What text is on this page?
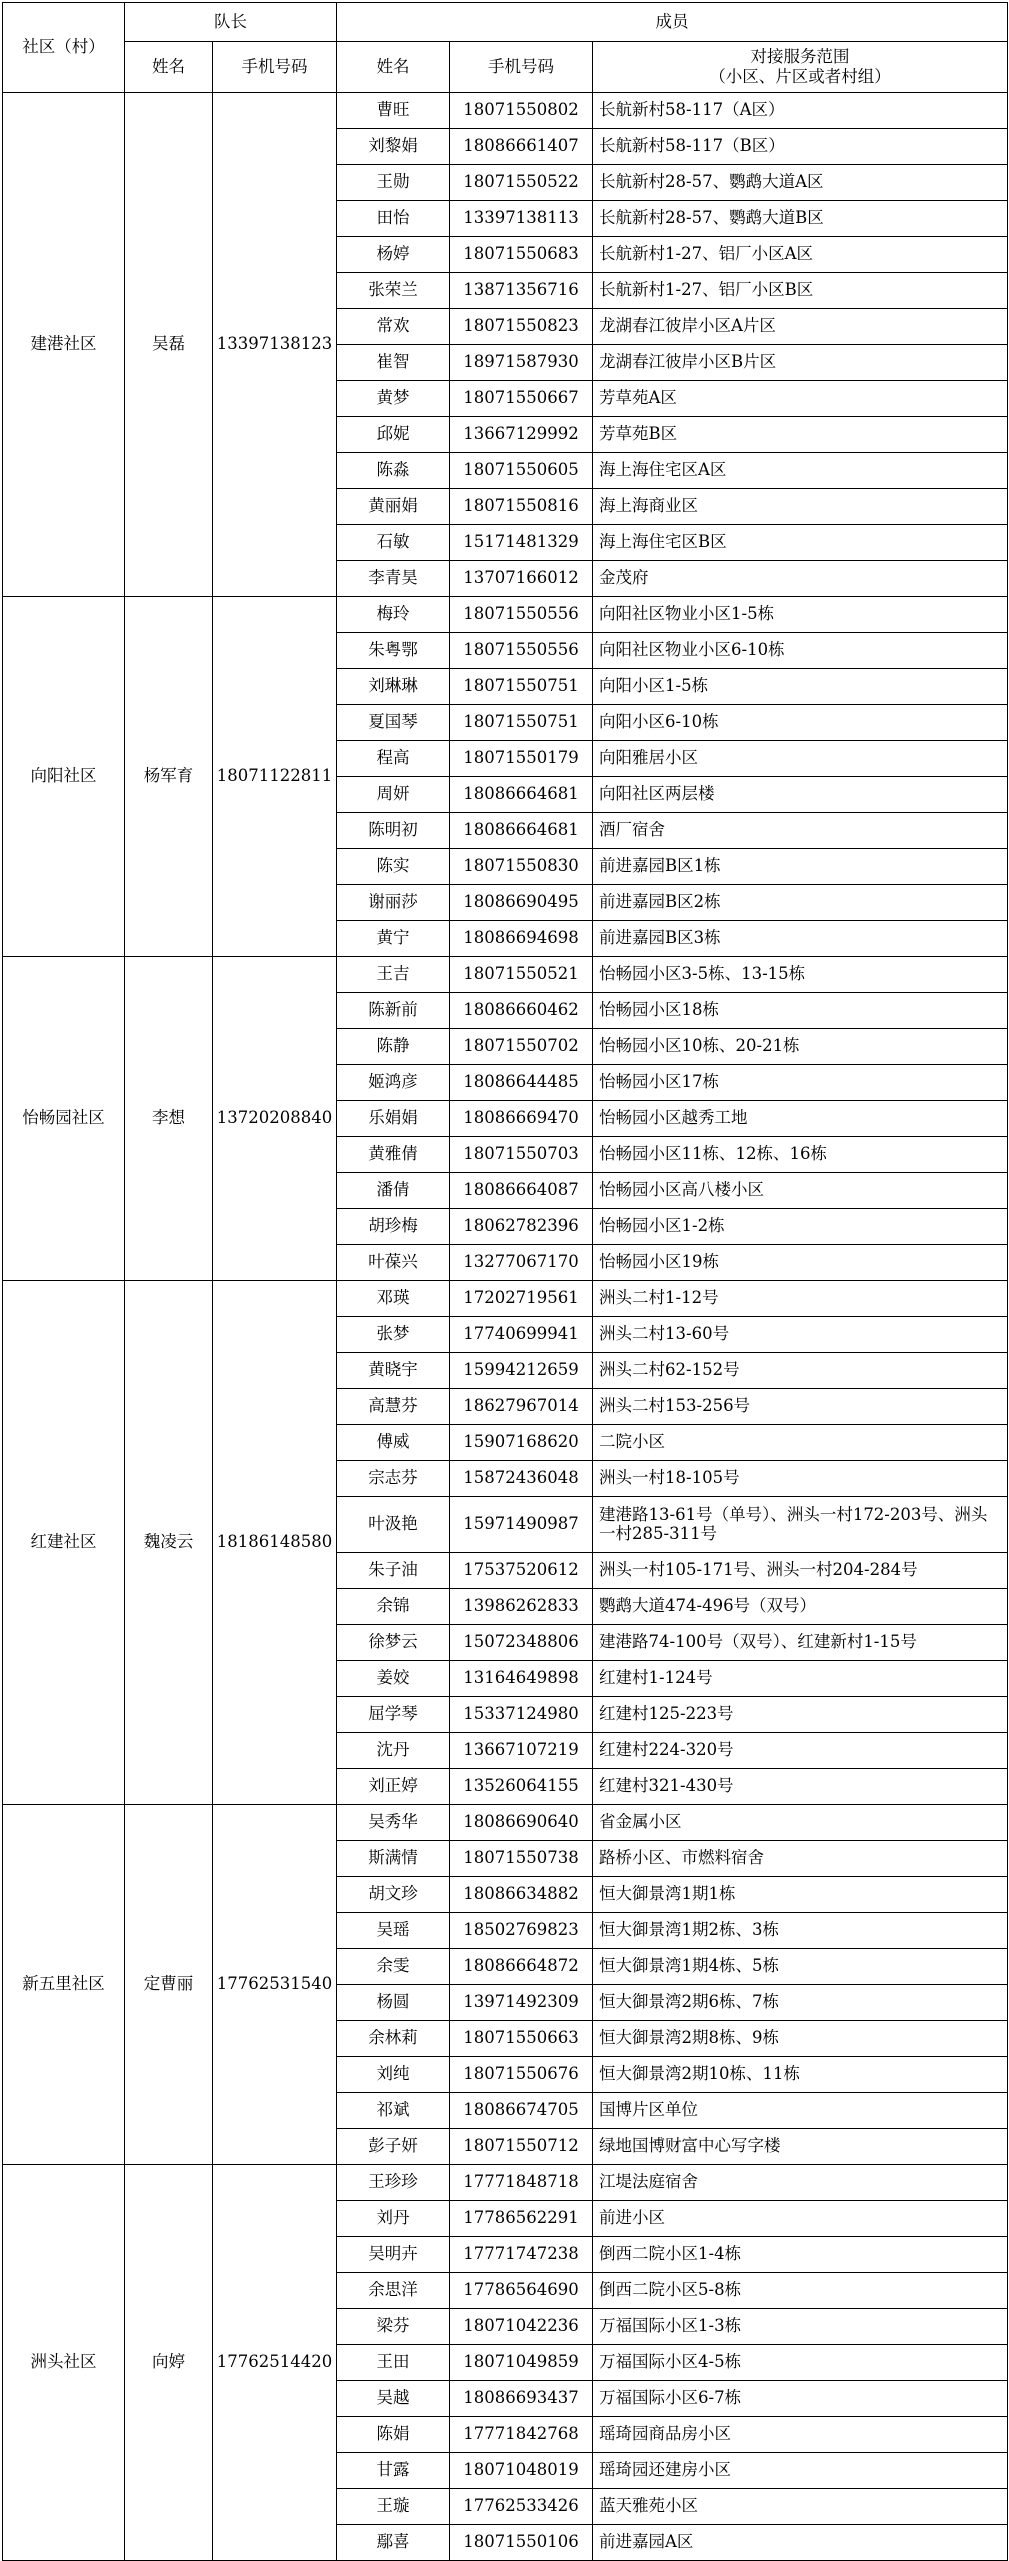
社区（村）	队长		成员		
	姓名	手机号码	姓名	手机号码	对接服务范围
（小区、片区或者村组）

建港社区	吴磊	13397138123	曹旺	18071550802	长航新村58-117（A区）
			刘黎娟	18086661407	长航新村58-117（B区）
			王勋	18071550522	长航新村28-57、鹦鹉大道A区
			田怡	13397138113	长航新村28-57、鹦鹉大道B区
			杨婷	18071550683	长航新村1-27、铝厂小区A区
			张荣兰	13871356716	长航新村1-27、铝厂小区B区
			常欢	18071550823	龙湖春江彼岸小区A片区
			崔智	18971587930	龙湖春江彼岸小区B片区
			黄梦	18071550667	芳草苑A区
			邱妮	13667129992	芳草苑B区
			陈淼	18071550605	海上海住宅区A区
			黄丽娟	18071550816	海上海商业区
			石敏	15171481329	海上海住宅区B区
			李青昊	13707166012	金茂府
向阳社区	杨军育	18071122811	梅玲	18071550556	向阳社区物业小区1-5栋
			朱粤鄂	18071550556	向阳社区物业小区6-10栋
			刘琳琳	18071550751	向阳小区1-5栋
			夏国琴	18071550751	向阳小区6-10栋
			程高	18071550179	向阳雅居小区
			周妍	18086664681	向阳社区两层楼
			陈明初	18086664681	酒厂宿舍
			陈实	18071550830	前进嘉园B区1栋
			谢丽莎	18086690495	前进嘉园B区2栋
			黄宁	18086694698	前进嘉园B区3栋
怡畅园社区	李想	13720208840	王吉	18071550521	怡畅园小区3-5栋、13-15栋
			陈新前	18086660462	怡畅园小区18栋
			陈静	18071550702	怡畅园小区10栋、20-21栋
			姬鸿彦	18086644485	怡畅园小区17栋
			乐娟娟	18086669470	怡畅园小区越秀工地
			黄雅倩	18071550703	怡畅园小区11栋、12栋、16栋
			潘倩	18086664087	怡畅园小区高八楼小区
			胡珍梅	18062782396	怡畅园小区1-2栋
			叶葆兴	13277067170	怡畅园小区19栋
红建社区	魏凌云	18186148580	邓瑛	17202719561	洲头二村1-12号
			张梦	17740699941	洲头二村13-60号
			黄晓宇	15994212659	洲头二村62-152号
			高慧芬	18627967014	洲头二村153-256号
			傅威	15907168620	二院小区
			宗志芬	15872436048	洲头一村18-105号
			叶汲艳	15971490987	建港路13-61号（单号）、洲头一村172-203号、洲头一村285-311号
			朱子油	17537520612	洲头一村105-171号、洲头一村204-284号
			余锦	13986262833	鹦鹉大道474-496号（双号）
			徐梦云	15072348806	建港路74-100号（双号）、红建新村1-15号
			姜姣	13164649898	红建村1-124号
			屈学琴	15337124980	红建村125-223号
			沈丹	13667107219	红建村224-320号
			刘正婷	13526064155	红建村321-430号
新五里社区	定曹丽	17762531540	吴秀华	18086690640	省金属小区
			斯满情	18071550738	路桥小区、市燃料宿舍
			胡文珍	18086634882	恒大御景湾1期1栋
			吴瑶	18502769823	恒大御景湾1期2栋、3栋
			余雯	18086664872	恒大御景湾1期4栋、5栋
			杨圆	13971492309	恒大御景湾2期6栋、7栋
			余林莉	18071550663	恒大御景湾2期8栋、9栋
			刘纯	18071550676	恒大御景湾2期10栋、11栋
			祁斌	18086674705	国博片区单位
			彭子妍	18071550712	绿地国博财富中心写字楼
洲头社区	向婷	17762514420	王珍珍	17771848718	江堤法庭宿舍
			刘丹	17786562291	前进小区
			吴明卉	17771747238	倒西二院小区1-4栋
			余思洋	17786564690	倒西二院小区5-8栋
			梁芬	18071042236	万福国际小区1-3栋
			王田	18071049859	万福国际小区4-5栋
			吴越	18086693437	万福国际小区6-7栋
			陈娟	17771842768	瑶琦园商品房小区
			甘露	18071048019	瑶琦园还建房小区
			王璇	17762533426	蓝天雅苑小区
			鄢喜	18071550106	前进嘉园A区
